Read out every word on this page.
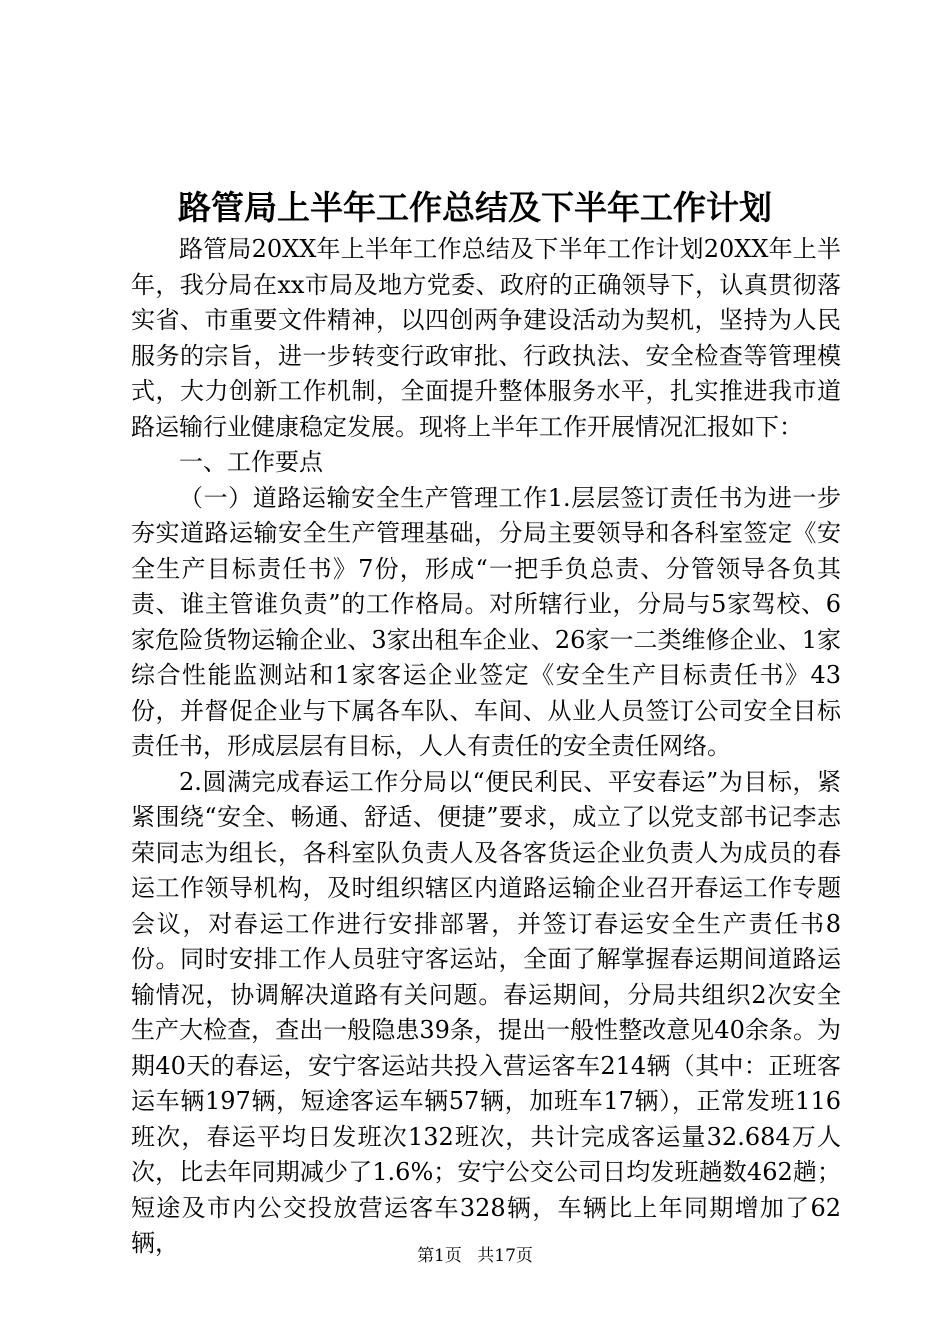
路管局上半年工作总结及下半年工作计划

路管局20XX年上半年工作总结及下半年工作计划20XX年上半年，我分局在xx市局及地方党委、政府的正确领导下，认真贯彻落实省、市重要文件精神，以四创两争建设活动为契机，坚持为人民服务的宗旨，进一步转变行政审批、行政执法、安全检查等管理模式，大力创新工作机制，全面提升整体服务水平，扎实推进我市道路运输行业健康稳定发展。现将上半年工作开展情况汇报如下：

一、工作要点

（一）道路运输安全生产管理工作1.层层签订责任书为进一步夯实道路运输安全生产管理基础，分局主要领导和各科室签定《安全生产目标责任书》7份，形成“一把手负总责、分管领导各负其责、谁主管谁负责”的工作格局。对所辖行业，分局与5家驾校、6家危险货物运输企业、3家出租车企业、26家一二类维修企业、1家综合性能监测站和1家客运企业签定《安全生产目标责任书》43份，并督促企业与下属各车队、车间、从业人员签订公司安全目标责任书，形成层层有目标，人人有责任的安全责任网络。

2.圆满完成春运工作分局以“便民利民、平安春运”为目标，紧紧围绕“安全、畅通、舒适、便捷”要求，成立了以党支部书记李志荣同志为组长，各科室队负责人及各客货运企业负责人为成员的春运工作领导机构，及时组织辖区内道路运输企业召开春运工作专题会议，对春运工作进行安排部署，并签订春运安全生产责任书8份。同时安排工作人员驻守客运站，全面了解掌握春运期间道路运输情况，协调解决道路有关问题。春运期间，分局共组织2次安全生产大检查，查出一般隐患39条，提出一般性整改意见40余条。为期40天的春运，安宁客运站共投入营运客车214辆（其中：正班客运车辆197辆，短途客运车辆57辆，加班车17辆），正常发班116班次，春运平均日发班次132班次，共计完成客运量32.684万人次，比去年同期减少了1.6%；安宁公交公司日均发班趟数462趟；短途及市内公交投放营运客车328辆，车辆比上年同期增加了62辆，	第1页 共17页
